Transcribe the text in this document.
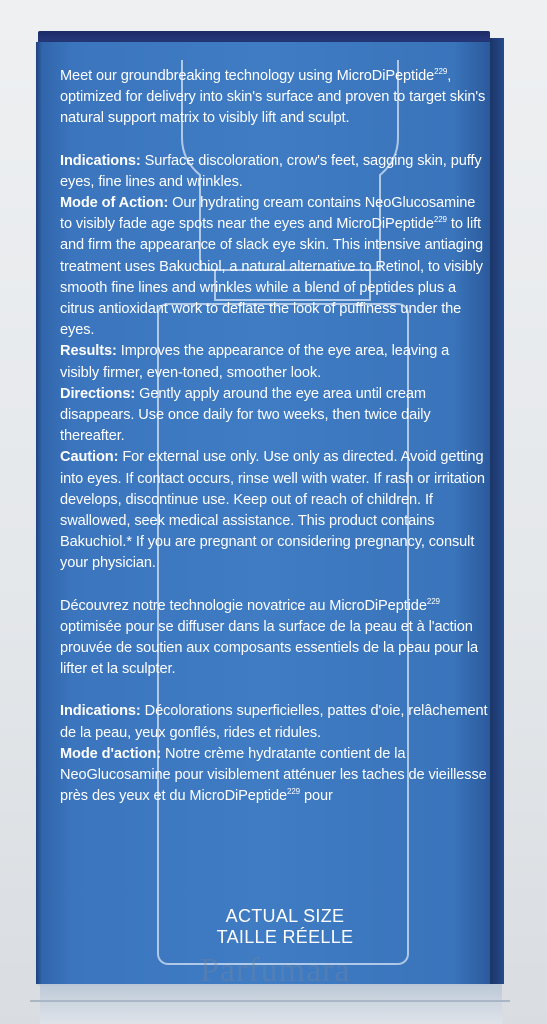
Meet our groundbreaking technology using MicroDiPeptide$^{229}$, optimized for delivery into skin's surface and proven to target skin's natural support matrix to visibly lift and sculpt.

Indications: Surface discoloration, crow's feet, sagging skin, puffy eyes, fine lines and wrinkles.

Mode of Action: Our hydrating cream contains NeoGlucosamine to visibly fade age spots near the eyes and MicroDiPeptide$^{229}$ to lift and firm the appearance of slack eye skin. This intensive antiaging treatment uses Bakuchiol, a natural alternative to Retinol, to visibly smooth fine lines and wrinkles while a blend of peptides plus a citrus antioxidant work to deflate the look of puffiness under the eyes.

Results: Improves the appearance of the eye area, leaving a visibly firmer, even-toned, smoother look.

Directions: Gently apply around the eye area until cream disappears. Use once daily for two weeks, then twice daily thereafter.

Caution: For external use only. Use only as directed. Avoid getting into eyes. If contact occurs, rinse well with water. If rash or irritation develops, discontinue use. Keep out of reach of children. If swallowed, seek medical assistance. This product contains Bakuchiol.* If you are pregnant or considering pregnancy, consult your physician.

Découvrez notre technologie novatrice au MicroDiPeptide$^{229}$ optimisée pour se diffuser dans la surface de la peau et à l'action prouvée de soutien aux composants essentiels de la peau pour la lifter et la sculpter.

Indications: Décolorations superficielles, pattes d'oie, relâchement de la peau, yeux gonflés, rides et ridules.

Mode d'action: Notre crème hydratante contient de la NeoGlucosamine pour visiblement atténuer les taches de vieillesse près des yeux et du MicroDiPeptide$^{229}$ pour

ACTUAL SIZE
TAILLE RÉELLE
Parfumara
